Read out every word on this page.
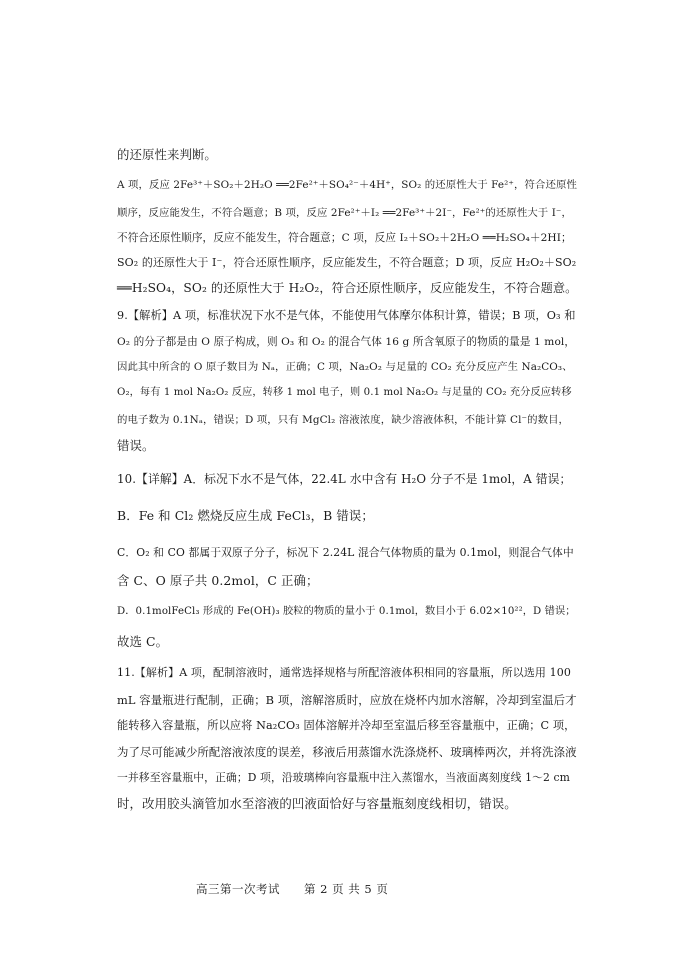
的还原性来判断。
A 项，反应 2Fe³⁺＋SO₂＋2H₂O ══2Fe²⁺＋SO₄²⁻＋4H⁺，SO₂ 的还原性大于 Fe²⁺，符合还原性
顺序，反应能发生，不符合题意；B 项，反应 2Fe²⁺＋I₂ ══2Fe³⁺＋2I⁻，Fe²⁺的还原性大于 I⁻，
不符合还原性顺序，反应不能发生，符合题意；C 项，反应 I₂＋SO₂＋2H₂O ══H₂SO₄＋2HI；
SO₂ 的还原性大于 I⁻，符合还原性顺序，反应能发生，不符合题意；D 项，反应 H₂O₂＋SO₂
══H₂SO₄，SO₂ 的还原性大于 H₂O₂，符合还原性顺序，反应能发生，不符合题意。
9.【解析】A 项，标准状况下水不是气体，不能使用气体摩尔体积计算，错误；B 项，O₃ 和
O₂ 的分子都是由 O 原子构成，则 O₃ 和 O₂ 的混合气体 16 g 所含氧原子的物质的量是 1 mol，
因此其中所含的 O 原子数目为 Nₐ，正确；C 项，Na₂O₂ 与足量的 CO₂ 充分反应产生 Na₂CO₃、
O₂，每有 1 mol Na₂O₂ 反应，转移 1 mol 电子，则 0.1 mol Na₂O₂ 与足量的 CO₂ 充分反应转移
的电子数为 0.1Nₐ，错误；D 项，只有 MgCl₂ 溶液浓度，缺少溶液体积，不能计算 Cl⁻的数目，
错误。
10.【详解】A．标况下水不是气体，22.4L 水中含有 H₂O 分子不是 1mol，A 错误；
B．Fe 和 Cl₂ 燃烧反应生成 FeCl₃，B 错误；
C．O₂ 和 CO 都属于双原子分子，标况下 2.24L 混合气体物质的量为 0.1mol，则混合气体中
含 C、O 原子共 0.2mol，C 正确；
D．0.1molFeCl₃ 形成的 Fe(OH)₃ 胶粒的物质的量小于 0.1mol，数目小于 6.02×10²²，D 错误；
故选 C。
11.【解析】A 项，配制溶液时，通常选择规格与所配溶液体积相同的容量瓶，所以选用 100
mL 容量瓶进行配制，正确；B 项，溶解溶质时，应放在烧杯内加水溶解，冷却到室温后才
能转移入容量瓶，所以应将 Na₂CO₃ 固体溶解并冷却至室温后移至容量瓶中，正确；C 项，
为了尽可能减少所配溶液浓度的误差，移液后用蒸馏水洗涤烧杯、玻璃棒两次，并将洗涤液
一并移至容量瓶中，正确；D 项，沿玻璃棒向容量瓶中注入蒸馏水，当液面离刻度线 1～2 cm
时，改用胶头滴管加水至溶液的凹液面恰好与容量瓶刻度线相切，错误。
高三第一次考试　　第 2 页 共 5 页
